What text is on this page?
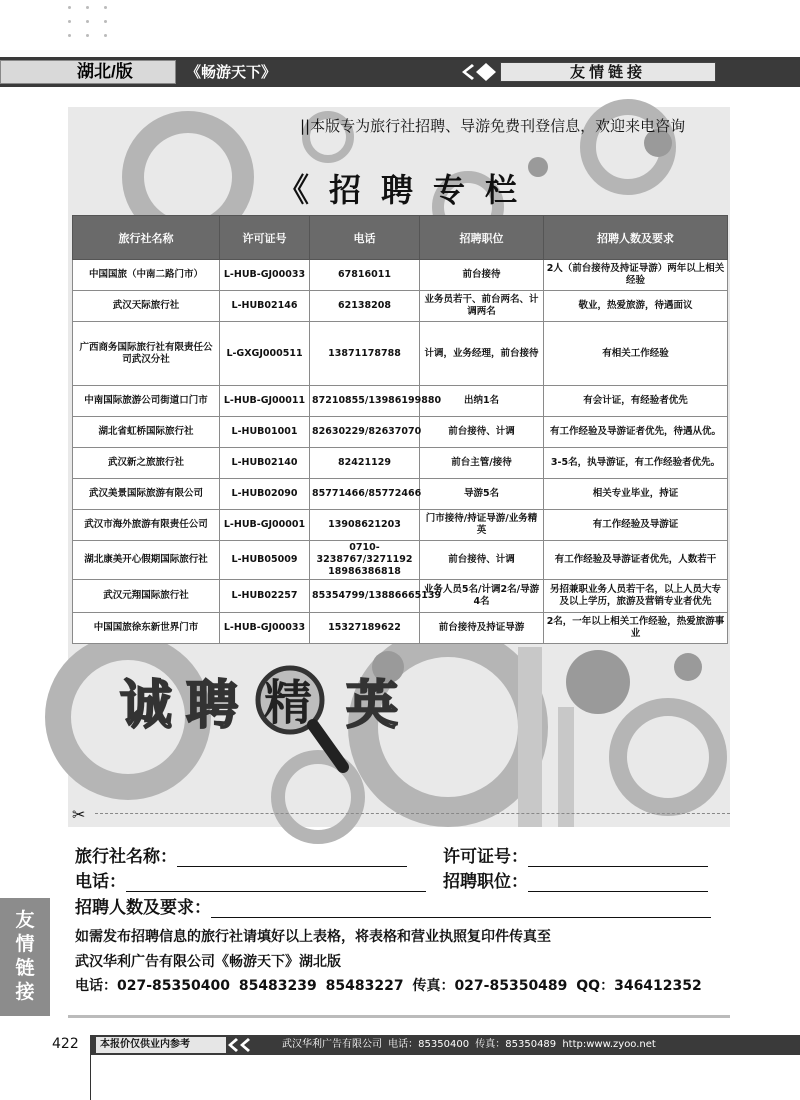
湖北/版	《畅游天下》	友情链接
||本版专为旅行社招聘、导游免费刊登信息，欢迎来电咨询
《 招 聘 专 栏
旅行社名称	许可证号	电话	招聘职位	招聘人数及要求
中国国旅（中南二路门市）	L-HUB-GJ00033	67816011	前台接待	2人（前台接待及持证导游）两年以上相关经验
武汉天际旅行社	L-HUB02146	62138208	业务员若干、前台两名、计调两名	敬业，热爱旅游，待遇面议
广西商务国际旅行社有限责任公司武汉分社	L-GXGJ000511	13871178788	计调，业务经理，前台接待	有相关工作经验
中南国际旅游公司街道口门市	L-HUB-GJ00011	87210855/13986199880	出纳1名	有会计证，有经验者优先
湖北省虹桥国际旅行社	L-HUB01001	82630229/82637070	前台接待、计调	有工作经验及导游证者优先，待遇从优。
武汉新之旅旅行社	L-HUB02140	82421129	前台主管/接待	3-5名，执导游证，有工作经验者优先。
武汉美景国际旅游有限公司	L-HUB02090	85771466/85772466	导游5名	相关专业毕业，持证
武汉市海外旅游有限责任公司	L-HUB-GJ00001	13908621203	门市接待/持证导游/业务精英	有工作经验及导游证
湖北康美开心假期国际旅行社	L-HUB05009	0710-3238767/3271192 18986386818	前台接待、计调	有工作经验及导游证者优先，人数若干
武汉元翔国际旅行社	L-HUB02257	85354799/13886665139	业务人员5名/计调2名/导游4名	另招兼职业务人员若干名，以上人员大专及以上学历，旅游及营销专业者优先
中国国旅徐东新世界门市	L-HUB-GJ00033	15327189622	前台接待及持证导游	2名，一年以上相关工作经验，热爱旅游事业
诚 聘 精 英
✂
旅行社名称：	许可证号：
电话：	招聘职位：
招聘人数及要求：
友
情
链
接
如需发布招聘信息的旅行社请填好以上表格，将表格和营业执照复印件传真至
武汉华利广告有限公司《畅游天下》湖北版
电话：027-85350400 85483239 85483227 传真：027-85350489 QQ：346412352
422	本报价仅供业内参考	武汉华利广告有限公司 电话：85350400 传真：85350489 http:www.zyoo.net
